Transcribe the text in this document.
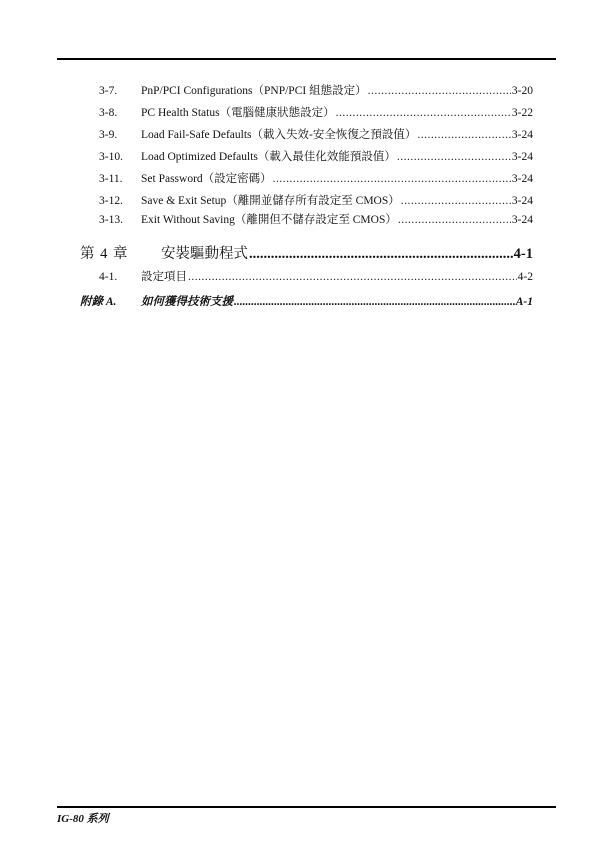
3-7. PnP/PCI Configurations（PNP/PCI 組態設定） .....	3-20
3-8. PC Health Status（電腦健康狀態設定） .....	3-22
3-9. Load Fail-Safe Defaults（載入失效-安全恢復之預設值） .....	3-24
3-10. Load Optimized Defaults（載入最佳化效能預設值） .....	3-24
3-11. Set Password（設定密碼） .....	3-24
3-12. Save & Exit Setup（離開並儲存所有設定至 CMOS） .....	3-24
3-13. Exit Without Saving（離開但不儲存設定至 CMOS） .....	3-24
第 4 章 安裝驅動程式 .....	4-1
4-1. 設定項目 .....	4-2
附錄 A. 如何獲得技術支援 .....	A-1
IG-80 系列
